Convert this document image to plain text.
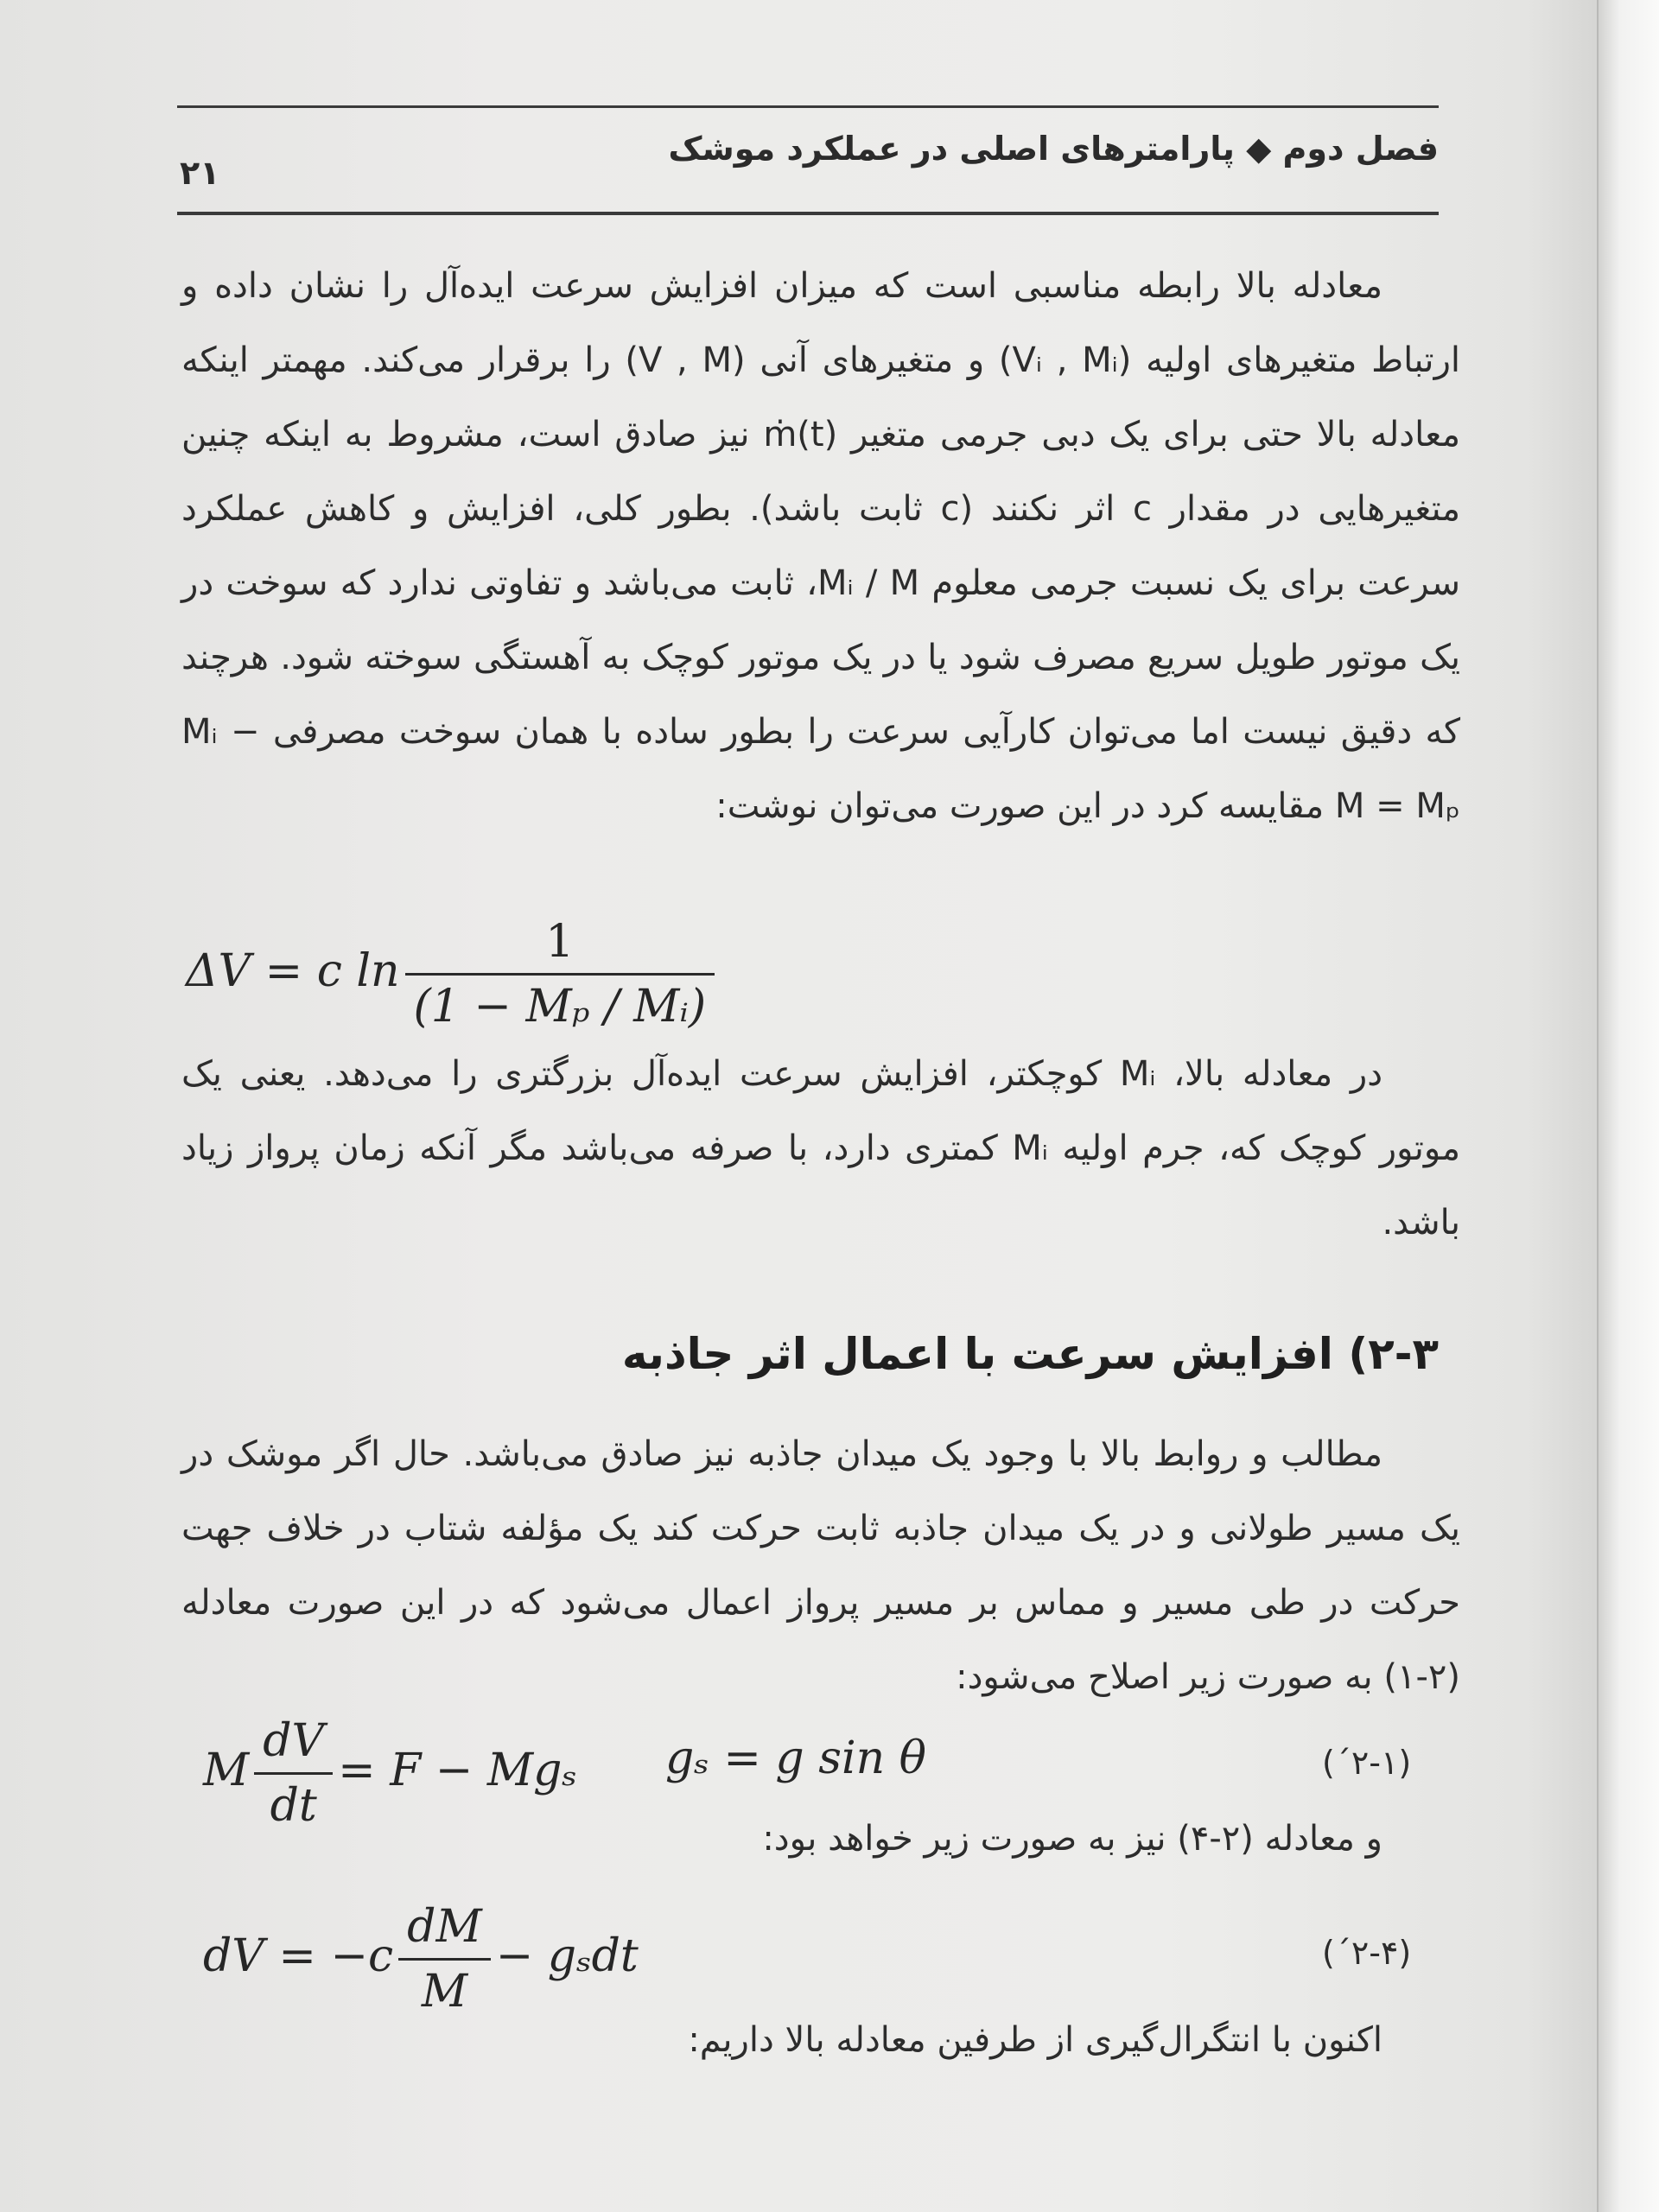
فصل دوم ◆ پارامترهای اصلی در عملکرد موشک
۲۱

معادله بالا رابطه مناسبی است که میزان افزایش سرعت ایده‌آل را نشان داده و ارتباط متغیرهای اولیه (Vᵢ , Mᵢ) و متغیرهای آنی (V , M) را برقرار می‌کند. مهمتر اینکه معادله بالا حتی برای یک دبی جرمی متغیر ṁ(t) نیز صادق است، مشروط به اینکه چنین متغیرهایی در مقدار c اثر نکنند (c ثابت باشد). بطور کلی، افزایش و کاهش عملکرد سرعت برای یک نسبت جرمی معلوم Mᵢ / M، ثابت می‌باشد و تفاوتی ندارد که سوخت در یک موتور طویل سریع مصرف شود یا در یک موتور کوچک به آهستگی سوخته شود. هرچند که دقیق نیست اما می‌توان کارآیی سرعت را بطور ساده با همان سوخت مصرفی Mᵢ − M = Mₚ مقایسه کرد در این صورت می‌توان نوشت:

ΔV = c $\ln \frac{1}{\text{(1 − Mₚ / Mᵢ)}}$

در معادله بالا، Mᵢ کوچکتر، افزایش سرعت ایده‌آل بزرگتری را می‌دهد. یعنی یک موتور کوچک که، جرم اولیه Mᵢ کمتری دارد، با صرفه می‌باشد مگر آنکه زمان پرواز زیاد باشد.

۲-۳) افزایش سرعت با اعمال اثر جاذبه

مطالب و روابط بالا با وجود یک میدان جاذبه نیز صادق می‌باشد. حال اگر موشک در یک مسیر طولانی و در یک میدان جاذبه ثابت حرکت کند یک مؤلفه شتاب در خلاف جهت حرکت در طی مسیر و مماس بر مسیر پرواز اعمال می‌شود که در این صورت معادله (۲-۱) به صورت زیر اصلاح می‌شود:

M $\frac{dV}{dt} = F - Mg_s$ gₛ = g sin θ	(۲-۱´)

و معادله (۲-۴) نیز به صورت زیر خواهد بود:

dV = $-c \frac{dM}{M} - g_sdt$	(۲-۴´)

اکنون با انتگرال‌گیری از طرفین معادله بالا داریم:
